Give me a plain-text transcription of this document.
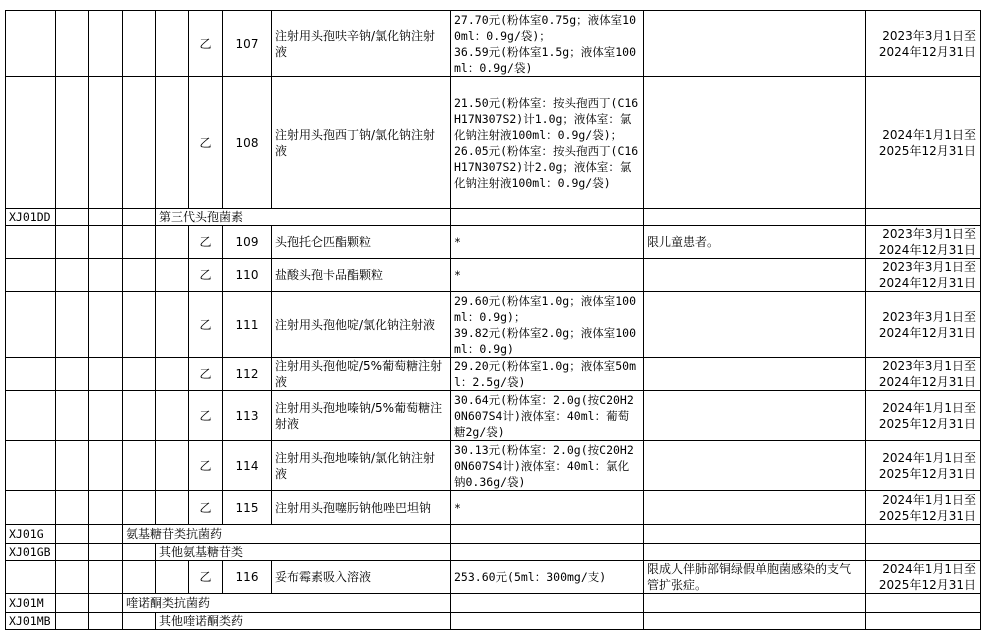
					乙	107	注射用头孢呋辛钠/氯化钠注射液	27.70元(粉体室0.75g；液体室100ml：0.9g/袋)；
36.59元(粉体室1.5g；液体室100ml：0.9g/袋)		2023年3月1日至
2024年12月31日
					乙	108	注射用头孢西丁钠/氯化钠注射液	21.50元(粉体室：按头孢西丁(C16H17N307S2)计1.0g；液体室：氯化钠注射液100ml：0.9g/袋)；
26.05元(粉体室：按头孢西丁(C16H17N307S2)计2.0g；液体室：氯化钠注射液100ml：0.9g/袋)		2024年1月1日至
2025年12月31日
XJ01DD				第三代头孢菌素						
					乙	109	头孢托仑匹酯颗粒	*	限儿童患者。	2023年3月1日至
2024年12月31日
					乙	110	盐酸头孢卡品酯颗粒	*		2023年3月1日至
2024年12月31日
					乙	111	注射用头孢他啶/氯化钠注射液	29.60元(粉体室1.0g；液体室100ml：0.9g)；
39.82元(粉体室2.0g；液体室100ml：0.9g)		2023年3月1日至
2024年12月31日
					乙	112	注射用头孢他啶/5%葡萄糖注射液	29.20元(粉体室1.0g；液体室50ml：2.5g/袋)		2023年3月1日至
2024年12月31日
					乙	113	注射用头孢地嗪钠/5%葡萄糖注射液	30.64元(粉体室：2.0g(按C20H20N607S4计)液体室：40ml：葡萄糖2g/袋)		2024年1月1日至
2025年12月31日
					乙	114	注射用头孢地嗪钠/氯化钠注射液	30.13元(粉体室：2.0g(按C20H20N607S4计)液体室：40ml：氯化钠0.36g/袋)		2024年1月1日至
2025年12月31日
					乙	115	注射用头孢噻肟钠他唑巴坦钠	*		2024年1月1日至
2025年12月31日
XJ01G			氨基糖苷类抗菌药							
XJ01GB				其他氨基糖苷类						
					乙	116	妥布霉素吸入溶液	253.60元(5ml：300mg/支)	限成人伴肺部铜绿假单胞菌感染的支气管扩张症。	2024年1月1日至
2025年12月31日
XJ01M			喹诺酮类抗菌药							
XJ01MB				其他喹诺酮类药						
